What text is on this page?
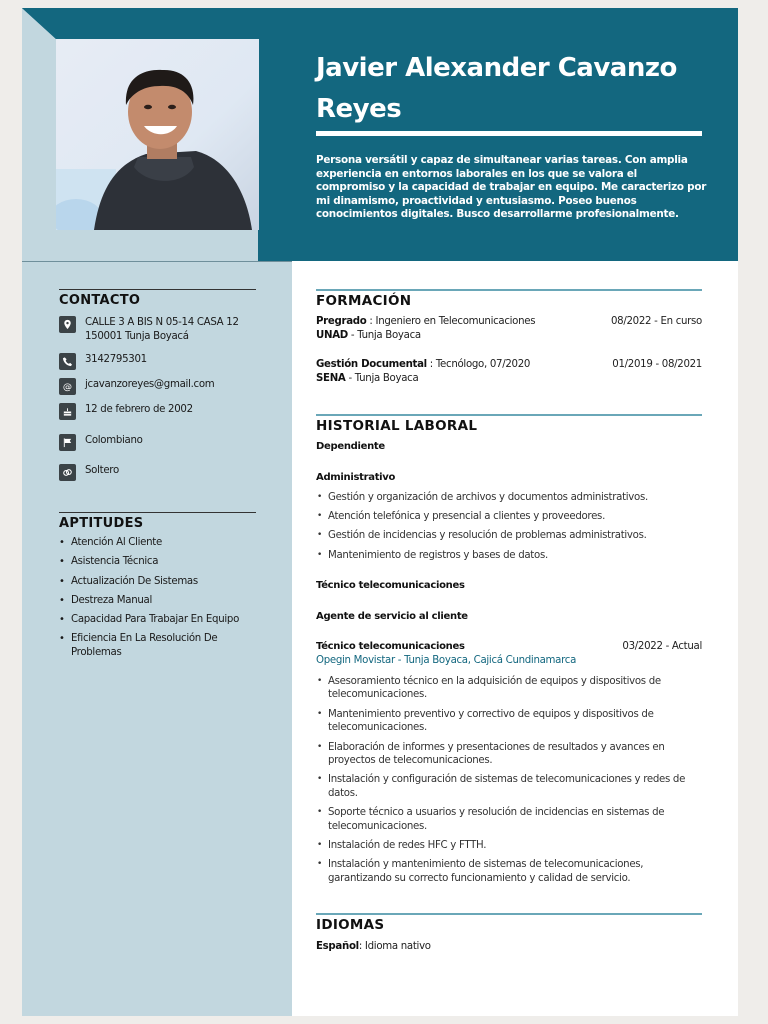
Javier Alexander Cavanzo Reyes
Persona versátil y capaz de simultanear varias tareas. Con amplia experiencia en entornos laborales en los que se valora el compromiso y la capacidad de trabajar en equipo. Me caracterizo por mi dinamismo, proactividad y entusiasmo. Poseo buenos conocimientos digitales. Busco desarrollarme profesionalmente.
CONTACTO
CALLE 3 A BIS N 05-14 CASA 12 150001 Tunja Boyacá
3142795301
@ jcavanzoreyes@gmail.com
12 de febrero de 2002
Colombiano
Soltero
APTITUDES
• Atención Al Cliente
• Asistencia Técnica
• Actualización De Sistemas
• Destreza Manual
• Capacidad Para Trabajar En Equipo
• Eficiencia En La Resolución De Problemas
FORMACIÓN
Pregrado : Ingeniero en Telecomunicaciones
UNAD - Tunja Boyaca
08/2022 - En curso
Gestión Documental : Tecnólogo, 07/2020
SENA - Tunja Boyaca
01/2019 - 08/2021
HISTORIAL LABORAL
Dependiente
Administrativo
• Gestión y organización de archivos y documentos administrativos.
• Atención telefónica y presencial a clientes y proveedores.
• Gestión de incidencias y resolución de problemas administrativos.
• Mantenimiento de registros y bases de datos.
Técnico telecomunicaciones
Agente de servicio al cliente
Técnico telecomunicaciones	03/2022 - Actual
Opegin Movistar - Tunja Boyaca, Cajicá Cundinamarca
• Asesoramiento técnico en la adquisición de equipos y dispositivos de telecomunicaciones.
• Mantenimiento preventivo y correctivo de equipos y dispositivos de telecomunicaciones.
• Elaboración de informes y presentaciones de resultados y avances en proyectos de telecomunicaciones.
• Instalación y configuración de sistemas de telecomunicaciones y redes de datos.
• Soporte técnico a usuarios y resolución de incidencias en sistemas de telecomunicaciones.
• Instalación de redes HFC y FTTH.
• Instalación y mantenimiento de sistemas de telecomunicaciones, garantizando su correcto funcionamiento y calidad de servicio.
IDIOMAS
Español: Idioma nativo
